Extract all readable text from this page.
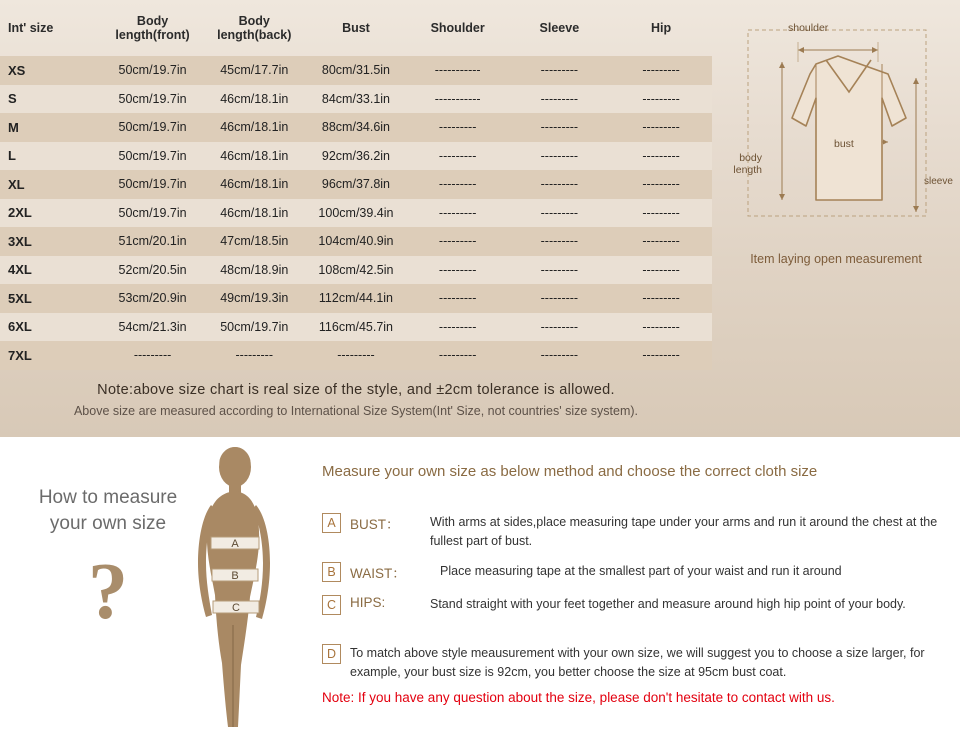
Int' size	Body length(front)	Body length(back)	Bust	Shoulder	Sleeve	Hip
XS	50cm/19.7in	45cm/17.7in	80cm/31.5in	-----------	---------	---------
S	50cm/19.7in	46cm/18.1in	84cm/33.1in	-----------	---------	---------
M	50cm/19.7in	46cm/18.1in	88cm/34.6in	---------	---------	---------
L	50cm/19.7in	46cm/18.1in	92cm/36.2in	---------	---------	---------
XL	50cm/19.7in	46cm/18.1in	96cm/37.8in	---------	---------	---------
2XL	50cm/19.7in	46cm/18.1in	100cm/39.4in	---------	---------	---------
3XL	51cm/20.1in	47cm/18.5in	104cm/40.9in	---------	---------	---------
4XL	52cm/20.5in	48cm/18.9in	108cm/42.5in	---------	---------	---------
5XL	53cm/20.9in	49cm/19.3in	112cm/44.1in	---------	---------	---------
6XL	54cm/21.3in	50cm/19.7in	116cm/45.7in	---------	---------	---------
7XL	---------	---------	---------	---------	---------	---------
Note:above size chart is real size of the style, and ±2cm tolerance is allowed.
Above size are measured according to International Size System(Int' Size, not countries' size system).
shoulder
body
length
bust
sleeve
Item laying open measurement
How to measure
your own size
?
A
B
C
Measure your own size as below method and choose the correct cloth size
A	BUST：	With arms at sides,place measuring tape under your arms and run it around the chest at the fullest part of bust.
B	WAIST：	Place measuring tape at the smallest part of your waist and run it around
C	HIPS:	Stand straight with your feet together and measure around high hip point of your body.
D	To match above style meausurement with your own size, we will suggest you to choose a size larger, for example, your bust size is 92cm, you better choose the size at 95cm bust coat.
Note: If you have any question about the size, please don't hesitate to contact with us.
